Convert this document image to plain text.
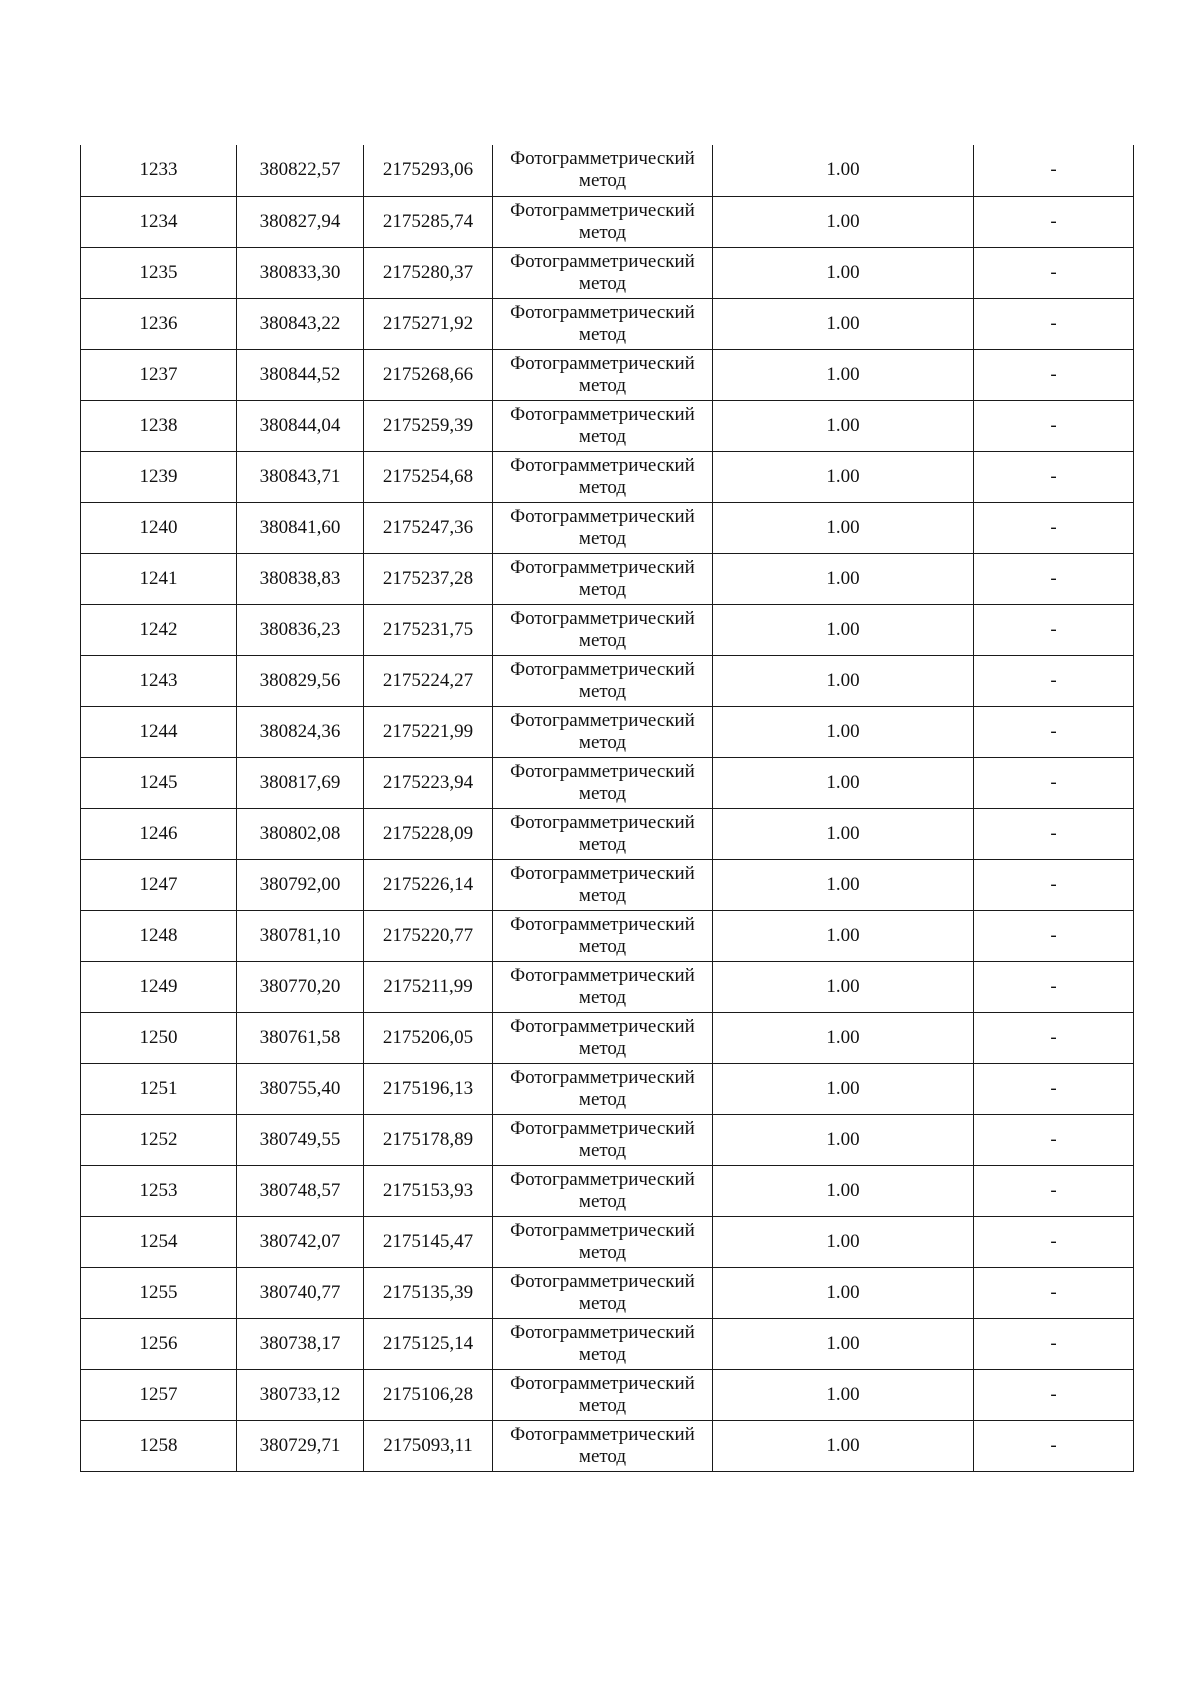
1233	380822,57	2175293,06	Фотограмметрический
метод	1.00	-
1234	380827,94	2175285,74	Фотограмметрический
метод	1.00	-
1235	380833,30	2175280,37	Фотограмметрический
метод	1.00	-
1236	380843,22	2175271,92	Фотограмметрический
метод	1.00	-
1237	380844,52	2175268,66	Фотограмметрический
метод	1.00	-
1238	380844,04	2175259,39	Фотограмметрический
метод	1.00	-
1239	380843,71	2175254,68	Фотограмметрический
метод	1.00	-
1240	380841,60	2175247,36	Фотограмметрический
метод	1.00	-
1241	380838,83	2175237,28	Фотограмметрический
метод	1.00	-
1242	380836,23	2175231,75	Фотограмметрический
метод	1.00	-
1243	380829,56	2175224,27	Фотограмметрический
метод	1.00	-
1244	380824,36	2175221,99	Фотограмметрический
метод	1.00	-
1245	380817,69	2175223,94	Фотограмметрический
метод	1.00	-
1246	380802,08	2175228,09	Фотограмметрический
метод	1.00	-
1247	380792,00	2175226,14	Фотограмметрический
метод	1.00	-
1248	380781,10	2175220,77	Фотограмметрический
метод	1.00	-
1249	380770,20	2175211,99	Фотограмметрический
метод	1.00	-
1250	380761,58	2175206,05	Фотограмметрический
метод	1.00	-
1251	380755,40	2175196,13	Фотограмметрический
метод	1.00	-
1252	380749,55	2175178,89	Фотограмметрический
метод	1.00	-
1253	380748,57	2175153,93	Фотограмметрический
метод	1.00	-
1254	380742,07	2175145,47	Фотограмметрический
метод	1.00	-
1255	380740,77	2175135,39	Фотограмметрический
метод	1.00	-
1256	380738,17	2175125,14	Фотограмметрический
метод	1.00	-
1257	380733,12	2175106,28	Фотограмметрический
метод	1.00	-
1258	380729,71	2175093,11	Фотограмметрический
метод	1.00	-
